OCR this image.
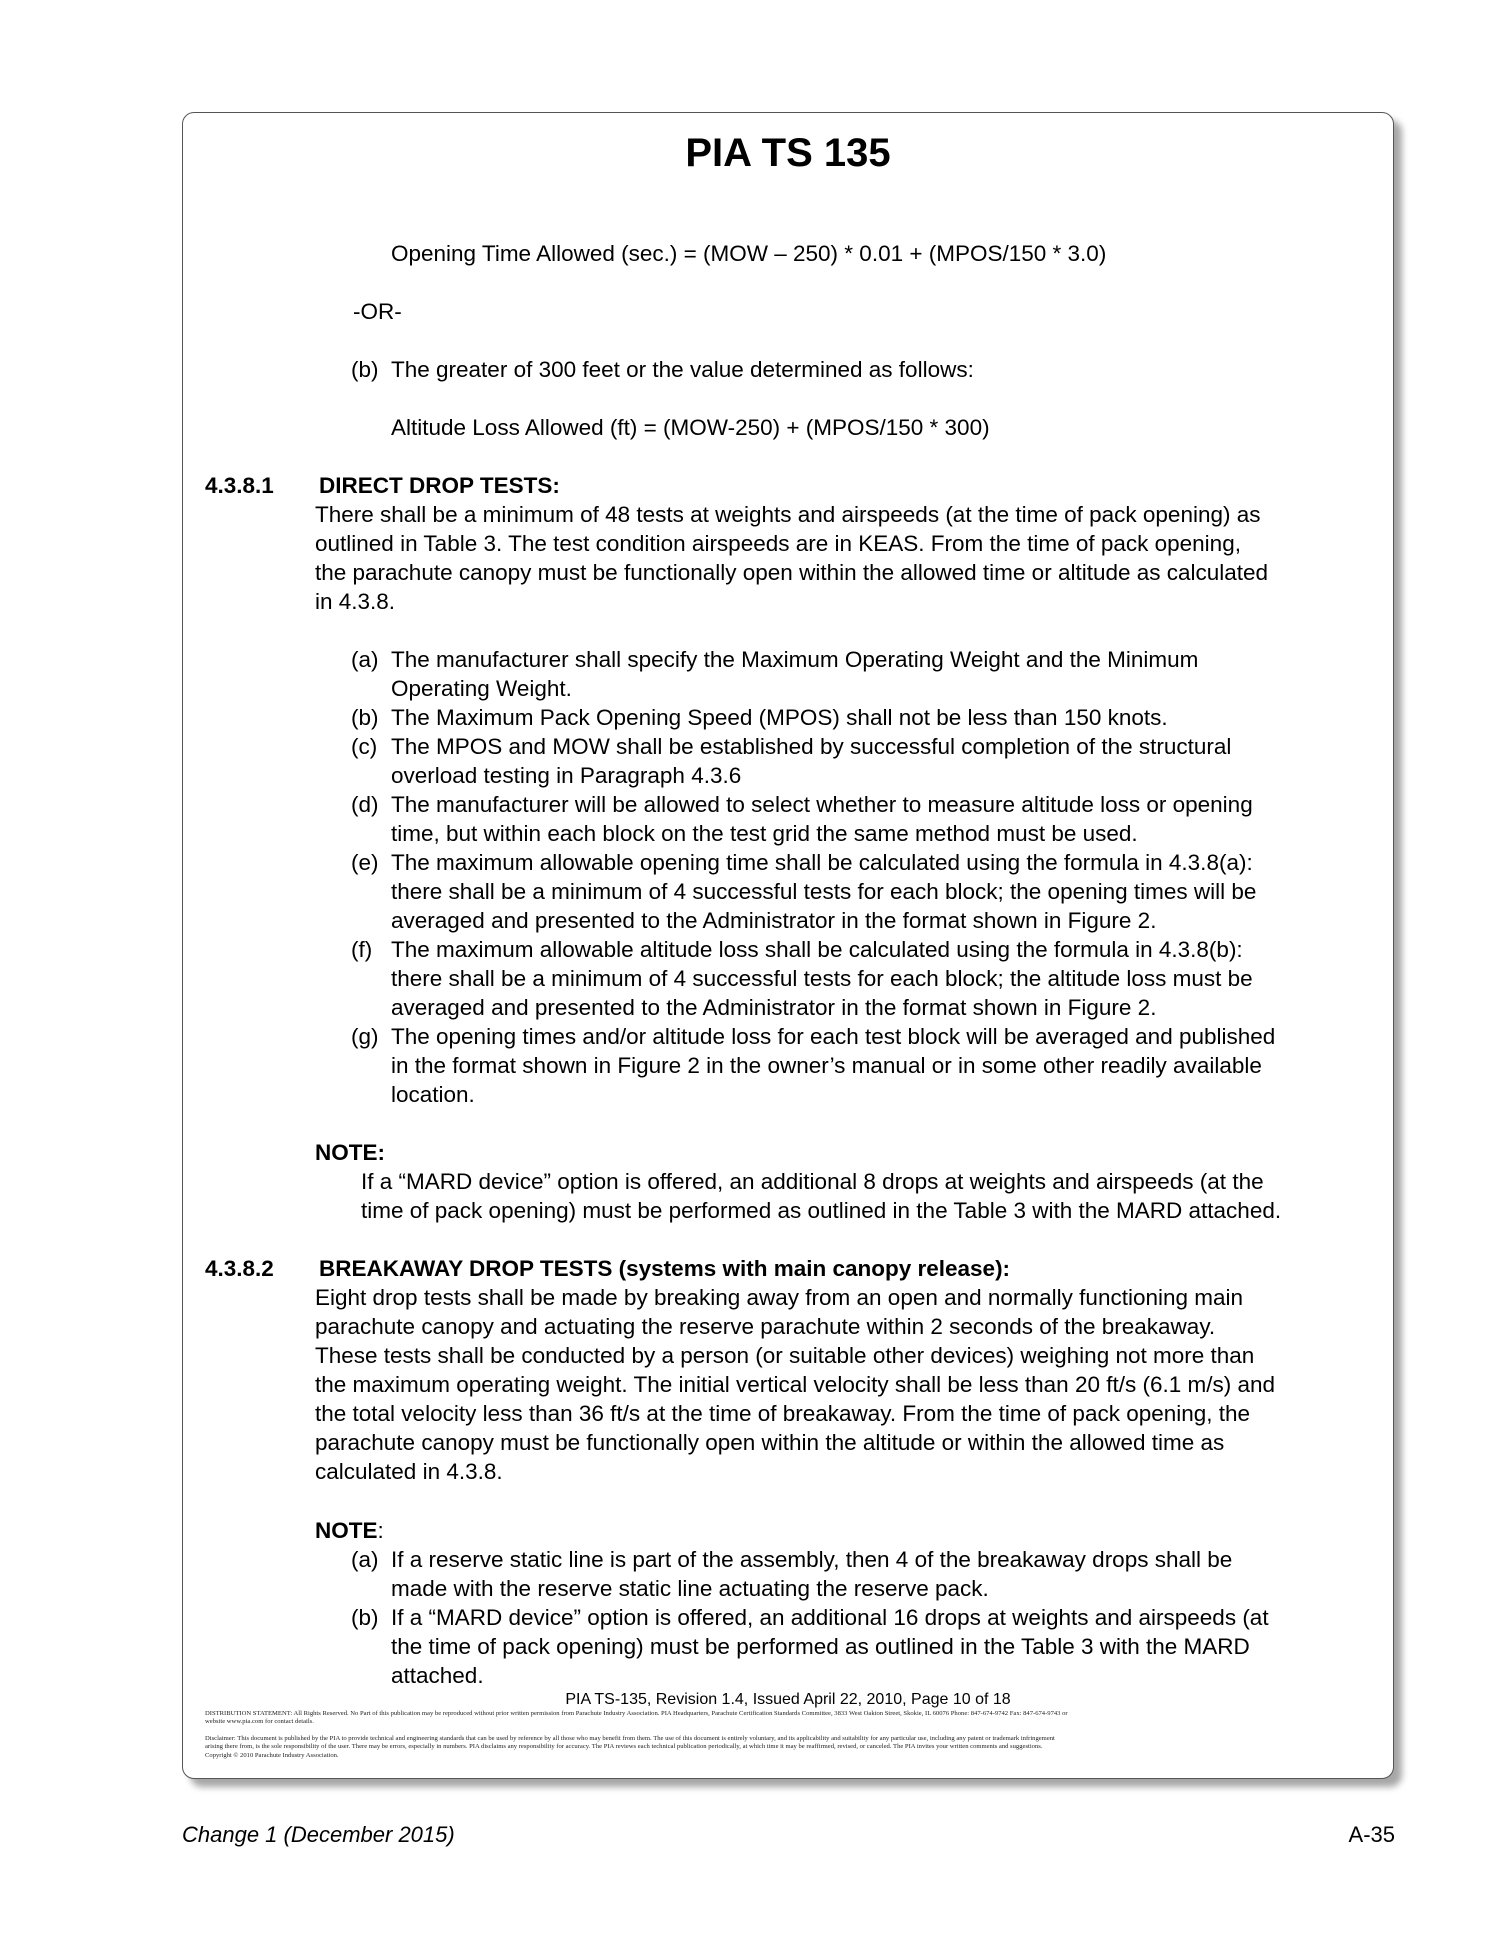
PIA TS 135
Opening Time Allowed (sec.) = (MOW – 250) * 0.01 + (MPOS/150 * 3.0)
-OR-
(b) The greater of 300 feet or the value determined as follows:
Altitude Loss Allowed (ft) = (MOW-250) + (MPOS/150 * 300)
4.3.8.1 DIRECT DROP TESTS:
There shall be a minimum of 48 tests at weights and airspeeds (at the time of pack opening) as
outlined in Table 3. The test condition airspeeds are in KEAS. From the time of pack opening,
the parachute canopy must be functionally open within the allowed time or altitude as calculated
in 4.3.8.
(a) The manufacturer shall specify the Maximum Operating Weight and the Minimum
Operating Weight.
(b) The Maximum Pack Opening Speed (MPOS) shall not be less than 150 knots.
(c) The MPOS and MOW shall be established by successful completion of the structural
overload testing in Paragraph 4.3.6
(d) The manufacturer will be allowed to select whether to measure altitude loss or opening
time, but within each block on the test grid the same method must be used.
(e) The maximum allowable opening time shall be calculated using the formula in 4.3.8(a):
there shall be a minimum of 4 successful tests for each block; the opening times will be
averaged and presented to the Administrator in the format shown in Figure 2.
(f) The maximum allowable altitude loss shall be calculated using the formula in 4.3.8(b):
there shall be a minimum of 4 successful tests for each block; the altitude loss must be
averaged and presented to the Administrator in the format shown in Figure 2.
(g) The opening times and/or altitude loss for each test block will be averaged and published
in the format shown in Figure 2 in the owner’s manual or in some other readily available
location.
NOTE:
If a “MARD device” option is offered, an additional 8 drops at weights and airspeeds (at the
time of pack opening) must be performed as outlined in the Table 3 with the MARD attached.
4.3.8.2 BREAKAWAY DROP TESTS (systems with main canopy release):
Eight drop tests shall be made by breaking away from an open and normally functioning main
parachute canopy and actuating the reserve parachute within 2 seconds of the breakaway.
These tests shall be conducted by a person (or suitable other devices) weighing not more than
the maximum operating weight. The initial vertical velocity shall be less than 20 ft/s (6.1 m/s) and
the total velocity less than 36 ft/s at the time of breakaway. From the time of pack opening, the
parachute canopy must be functionally open within the altitude or within the allowed time as
calculated in 4.3.8.
NOTE:
(a) If a reserve static line is part of the assembly, then 4 of the breakaway drops shall be
made with the reserve static line actuating the reserve pack.
(b) If a “MARD device” option is offered, an additional 16 drops at weights and airspeeds (at
the time of pack opening) must be performed as outlined in the Table 3 with the MARD
attached.
PIA TS-135, Revision 1.4, Issued April 22, 2010, Page 10 of 18
DISTRIBUTION STATEMENT: All Rights Reserved. No Part of this publication may be reproduced without prior written permission from Parachute Industry Association. PIA Headquarters, Parachute Certification Standards Committee, 3833 West Oakton Street, Skokie, IL 60076 Phone: 847-674-9742 Fax: 847-674-9743 or
website www.pia.com for contact details.
Disclaimer: This document is published by the PIA to provide technical and engineering standards that can be used by reference by all those who may benefit from them. The use of this document is entirely voluntary, and its applicability and suitability for any particular use, including any patent or trademark infringement
arising there from, is the sole responsibility of the user. There may be errors, especially in numbers. PIA disclaims any responsibility for accuracy. The PIA reviews each technical publication periodically, at which time it may be reaffirmed, revised, or canceled. The PIA invites your written comments and suggestions.
Copyright © 2010 Parachute Industry Association.
Change 1 (December 2015)	A-35
